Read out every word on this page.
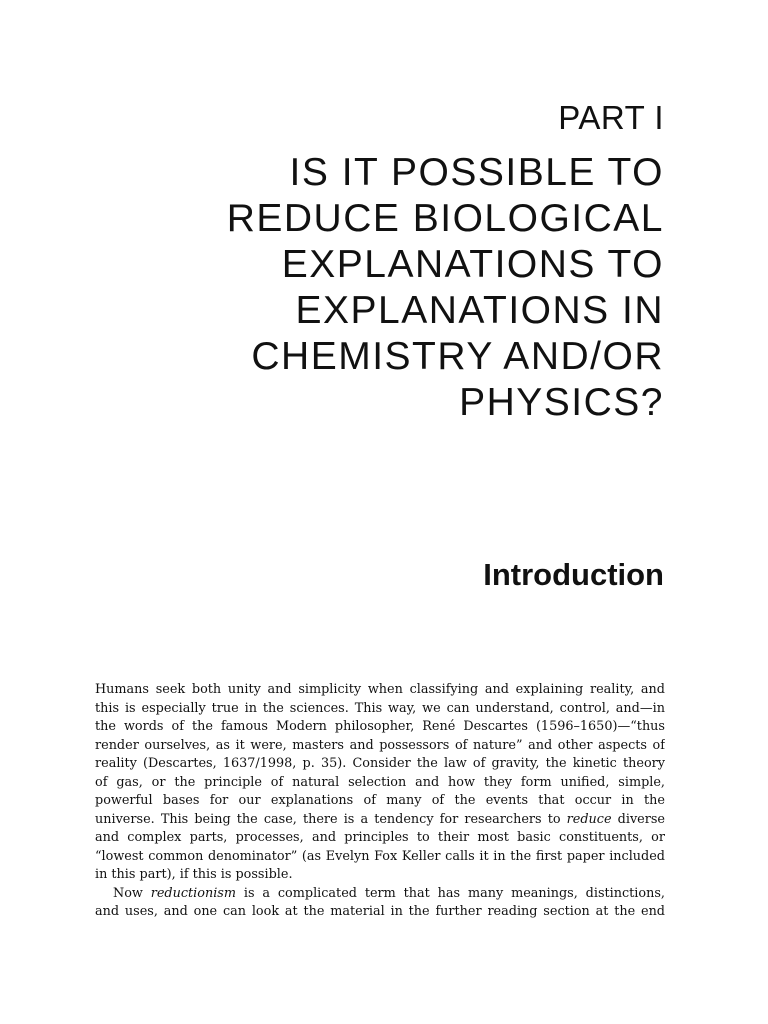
PART I
IS IT POSSIBLE TO
REDUCE BIOLOGICAL
EXPLANATIONS TO
EXPLANATIONS IN
CHEMISTRY AND/OR
PHYSICS?
Introduction
Humans seek both unity and simplicity when classifying and explaining reality, and
this is especially true in the sciences. This way, we can understand, control, and—in
the words of the famous Modern philosopher, René Descartes (1596–1650)—“thus
render ourselves, as it were, masters and possessors of nature” and other aspects of
reality (Descartes, 1637/1998, p. 35). Consider the law of gravity, the kinetic theory
of gas, or the principle of natural selection and how they form unified, simple,
powerful bases for our explanations of many of the events that occur in the
universe. This being the case, there is a tendency for researchers to reduce diverse
and complex parts, processes, and principles to their most basic constituents, or
“lowest common denominator” (as Evelyn Fox Keller calls it in the first paper included
in this part), if this is possible.
Now reductionism is a complicated term that has many meanings, distinctions,
and uses, and one can look at the material in the further reading section at the end
